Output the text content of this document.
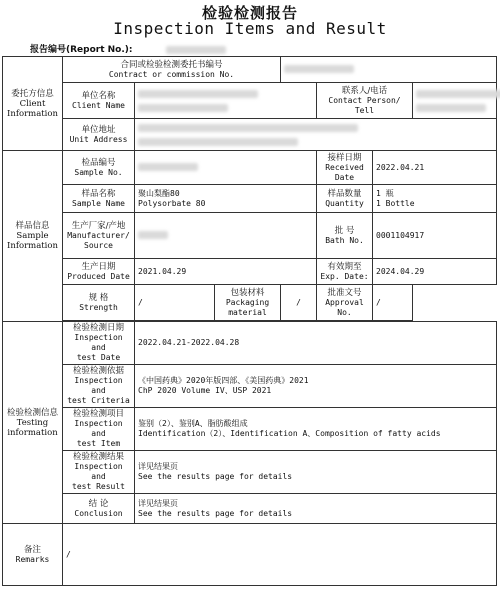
检验检测报告
Inspection Items and Result
报告编号(Report No.):
委托方信息
Client
Information	合同或检验检测委托书编号
Contract or commission No.						

	单位名称
Client Name				联系人/电话
Contact Person/
Tell		

	单位地址
Unit Address						

样品信息
Sample
Information	检品编号
Sample No.				接样日期
Received
Date	2022.04.21	

	样品名称
Sample Name	聚山梨酯80
Polysorbate 80			样品数量
Quantity	1 瓶
1 Bottle	

	生产厂家/产地
Manufacturer/
Source				批 号
Bath No.	0001104917	

	生产日期
Produced Date	2021.04.29			有效期至
Exp. Date:	2024.04.29	

	规 格
Strength	/	包装材料
Packaging
material	/	批准文号
Approval
No.	/	

检验检测信息
Testing
information	检验检测日期
Inspection and
test Date	2022.04.21-2022.04.28					

	检验检测依据
Inspection and
test Criteria	《中国药典》2020年版四部、《美国药典》2021
ChP 2020 Volume IV、USP 2021					

	检验检测项目
Inspection and
test Item	鉴别（2）、鉴别A、脂肪酸组成
Identification（2）、Identification A、Composition of fatty acids					

	检验检测结果
Inspection and
test Result	详见结果页
See the results page for details					

	结 论
Conclusion	详见结果页
See the results page for details					

备注
Remarks	/						
